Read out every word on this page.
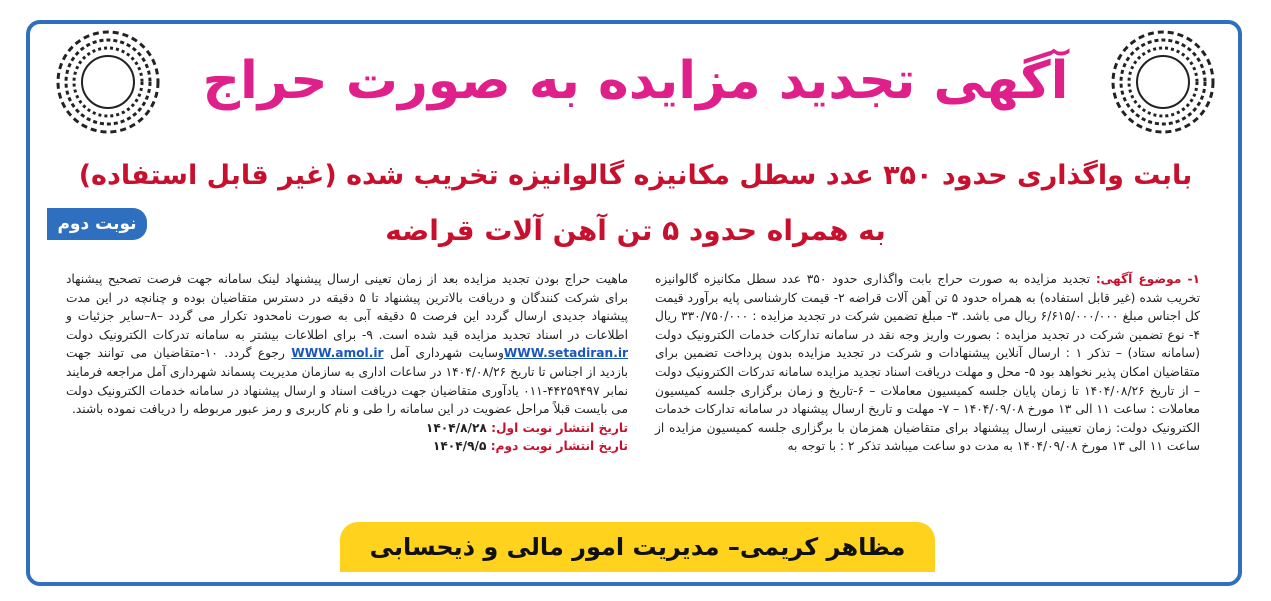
آگهی تجدید مزایده به صورت حراج
بابت واگذاری حدود ۳۵۰ عدد سطل مکانیزه گالوانیزه تخریب شده (غیر قابل استفاده)
به همراه حدود ۵ تن آهن آلات قراضه
نوبت دوم

۱- موضوع آگهی: تجدید مزایده به صورت حراج بابت واگذاری حدود ۳۵۰ عدد سطل مکانیزه گالوانیزه تخریب شده (غیر قابل استفاده) به همراه حدود ۵ تن آهن آلات قراضه ۲- قیمت کارشناسی پایه برآورد قیمت کل اجناس مبلغ ۶/۶۱۵/۰۰۰/۰۰۰ ریال می باشد. ۳- مبلغ تضمین شرکت در تجدید مزایده : ۳۳۰/۷۵۰/۰۰۰ ریال ۴- نوع تضمین شرکت در تجدید مزایده : بصورت واریز وجه نقد در سامانه تدارکات خدمات الکترونیک دولت (سامانه ستاد) – تذکر ۱ : ارسال آنلاین پیشنهادات و شرکت در تجدید مزایده بدون پرداخت تضمین برای متقاضیان امکان پذیر نخواهد بود ۵- محل و مهلت دریافت اسناد تجدید مزایده سامانه تدرکات الکترونیک دولت – از تاریخ ۱۴۰۴/۰۸/۲۶ تا زمان پایان جلسه کمیسیون معاملات – ۶-تاریخ و زمان برگزاری جلسه کمیسیون معاملات : ساعت ۱۱ الی ۱۳ مورخ ۱۴۰۴/۰۹/۰۸ – ۷- مهلت و تاریخ ارسال پیشنهاد در سامانه تدارکات خدمات الکترونیک دولت: زمان تعیینی ارسال پیشنهاد برای متقاضیان همزمان با برگزاری جلسه کمیسیون مزایده از ساعت ۱۱ الی ۱۳ مورخ ۱۴۰۴/۰۹/۰۸ به مدت دو ساعت میباشد تذکر ۲ : با توجه به

ماهیت حراج بودن تجدید مزایده بعد از زمان تعینی ارسال پیشنهاد لینک سامانه جهت فرصت تصحیح پیشنهاد برای شرکت کنندگان و دریافت بالاترین پیشنهاد تا ۵ دقیقه در دسترس متقاضیان بوده و چنانچه در این مدت پیشنهاد جدیدی ارسال گردد این فرصت ۵ دقیقه آبی به صورت نامحدود تکرار می گردد –۸–سایر جزئیات و اطلاعات در اسناد تجدید مزایده قید شده است. ۹- برای اطلاعات بیشتر به سامانه تدرکات الکترونیک دولت WWW.setadiran.irوسایت شهرداری آمل WWW.amol.ir رجوع گردد. ۱۰-متقاضیان می توانند جهت بازدید از اجناس تا تاریخ ۱۴۰۴/۰۸/۲۶ در ساعات اداری به سازمان مدیریت پسماند شهرداری آمل مراجعه فرمایند نمابر ۴۴۲۵۹۴۹۷-۰۱۱ یادآوری متقاضیان جهت دریافت اسناد و ارسال پیشنهاد در سامانه خدمات الکترونیک دولت می بایست قبلاً مراحل عضویت در این سامانه را طی و نام کاربری و رمز عبور مربوطه را دریافت نموده باشند.

تاریخ انتشار نوبت اول: ۱۴۰۴/۸/۲۸

تاریخ انتشار نوبت دوم: ۱۴۰۴/۹/۵

مظاهر کریمی– مدیریت امور مالی و ذیحسابی
